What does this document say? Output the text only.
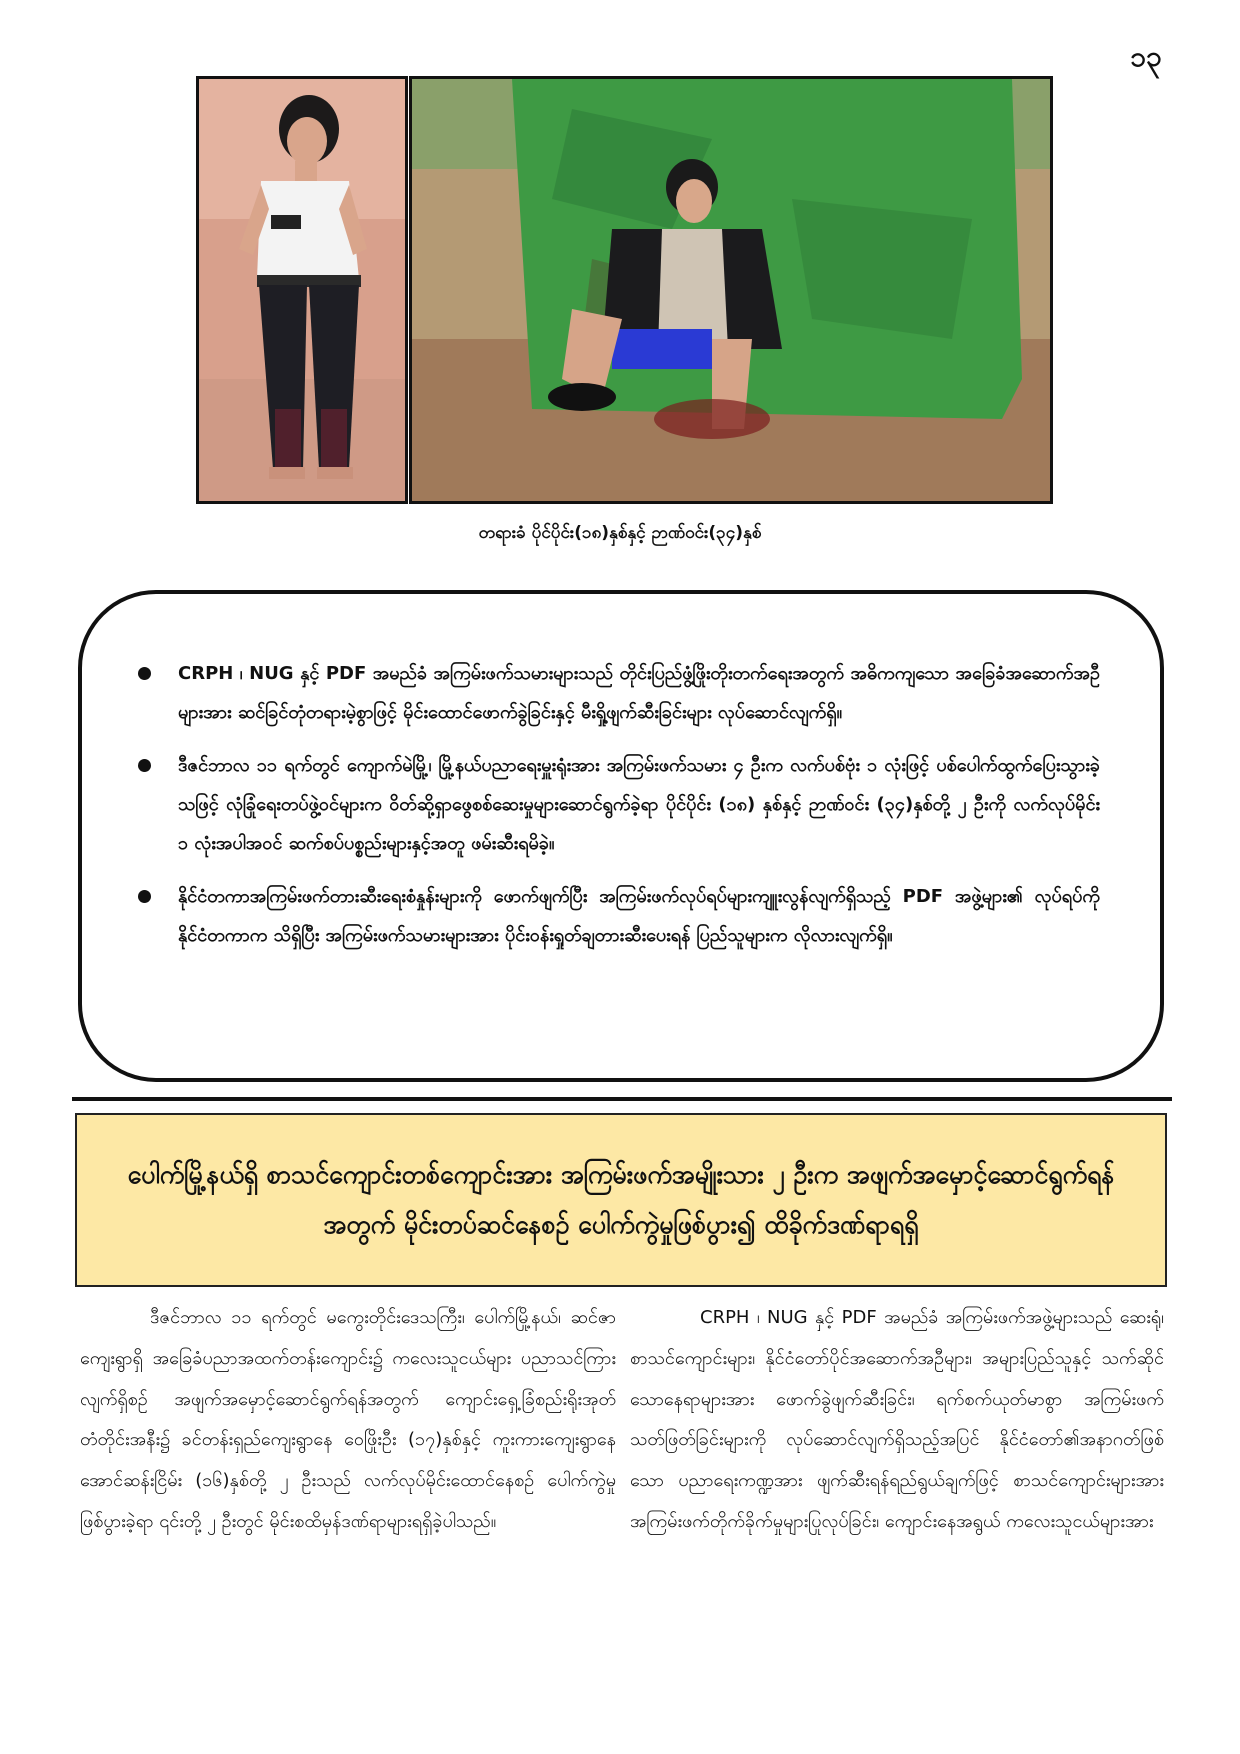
၁၃
တရားခံ ပိုင်ပိုင်း(၁၈)နှစ်နှင့် ဉာဏ်ဝင်း(၃၄)နှစ်
CRPH ၊ NUG နှင့် PDF အမည်ခံ အကြမ်းဖက်သမားများသည် တိုင်းပြည်ဖွံ့ဖြိုးတိုးတက်ရေးအတွက် အဓိကကျသော အခြေခံအဆောက်အဦများအား ဆင်ခြင်တုံတရားမဲ့စွာဖြင့် မိုင်းထောင်ဖောက်ခွဲခြင်းနှင့် မီးရှို့ဖျက်ဆီးခြင်းများ လုပ်ဆောင်လျက်ရှိ။
ဒီဇင်ဘာလ ၁၁ ရက်တွင် ကျောက်မဲမြို့၊ မြို့နယ်ပညာရေးမှူးရုံးအား အကြမ်းဖက်သမား ၄ ဦးက လက်ပစ်ဗုံး ၁ လုံးဖြင့် ပစ်ပေါက်ထွက်ပြေးသွားခဲ့သဖြင့် လုံခြုံရေးတပ်ဖွဲ့ဝင်များက ဝိတ်ဆို့ရှာဖွေစစ်ဆေးမှုများဆောင်ရွက်ခဲ့ရာ ပိုင်ပိုင်း (၁၈) နှစ်နှင့် ဉာဏ်ဝင်း (၃၄)နှစ်တို့ ၂ ဦးကို လက်လုပ်မိုင်း ၁ လုံးအပါအဝင် ဆက်စပ်ပစ္စည်းများနှင့်အတူ ဖမ်းဆီးရမိခဲ့။
နိုင်ငံတကာအကြမ်းဖက်တားဆီးရေးစံနှုန်းများကို ဖောက်ဖျက်ပြီး အကြမ်းဖက်လုပ်ရပ်များကျူးလွန်လျက်ရှိသည့် PDF အဖွဲ့များ၏ လုပ်ရပ်ကိုနိုင်ငံတကာက သိရှိပြီး အကြမ်းဖက်သမားများအား ပိုင်းဝန်းရှုတ်ချတားဆီးပေးရန် ပြည်သူများက လိုလားလျက်ရှိ။
ပေါက်မြို့နယ်ရှိ စာသင်ကျောင်းတစ်ကျောင်းအား အကြမ်းဖက်အမျိုးသား ၂ ဦးက အဖျက်အမှောင့်ဆောင်ရွက်ရန်အတွက် မိုင်းတပ်ဆင်နေစဉ် ပေါက်ကွဲမှုဖြစ်ပွား၍ ထိခိုက်ဒဏ်ရာရရှိ
ဒီဇင်ဘာလ ၁၁ ရက်တွင် မကွေးတိုင်းဒေသကြီး၊ ပေါက်မြို့နယ်၊ ဆင်ဇာကျေးရွာရှိ အခြေခံပညာအထက်တန်းကျောင်း၌ ကလေးသူငယ်များ ပညာသင်ကြားလျက်ရှိစဉ် အဖျက်အမှောင့်ဆောင်ရွက်ရန်အတွက် ကျောင်းရှေ့ခြံစည်းရိုးအုတ်တံတိုင်းအနီး၌ ခင်တန်းရှည်ကျေးရွာနေ ဝေဖြိုးဦး (၁၇)နှစ်နှင့် ကူးကားကျေးရွာနေ အောင်ဆန်းငြိမ်း (၁၆)နှစ်တို့ ၂ ဦးသည် လက်လုပ်မိုင်းထောင်နေစဉ် ပေါက်ကွဲမှုဖြစ်ပွားခဲ့ရာ ၎င်းတို့ ၂ ဦးတွင် မိုင်းစထိမှန်ဒဏ်ရာများရရှိခဲ့ပါသည်။
CRPH ၊ NUG နှင့် PDF အမည်ခံ အကြမ်းဖက်အဖွဲ့များသည် ဆေးရုံ၊ စာသင်ကျောင်းများ၊ နိုင်ငံတော်ပိုင်အဆောက်အဦများ၊ အများပြည်သူနှင့် သက်ဆိုင်သောနေရာများအား ဖောက်ခွဲဖျက်ဆီးခြင်း၊ ရက်စက်ယုတ်မာစွာ အကြမ်းဖက်သတ်ဖြတ်ခြင်းများကို လုပ်ဆောင်လျက်ရှိသည့်အပြင် နိုင်ငံတော်၏အနာဂတ်ဖြစ်သော ပညာရေးကဏ္ဍအား ဖျက်ဆီးရန်ရည်ရွယ်ချက်ဖြင့် စာသင်ကျောင်းများအား အကြမ်းဖက်တိုက်ခိုက်မှုများပြုလုပ်ခြင်း၊ ကျောင်းနေအရွယ် ကလေးသူငယ်များအား
